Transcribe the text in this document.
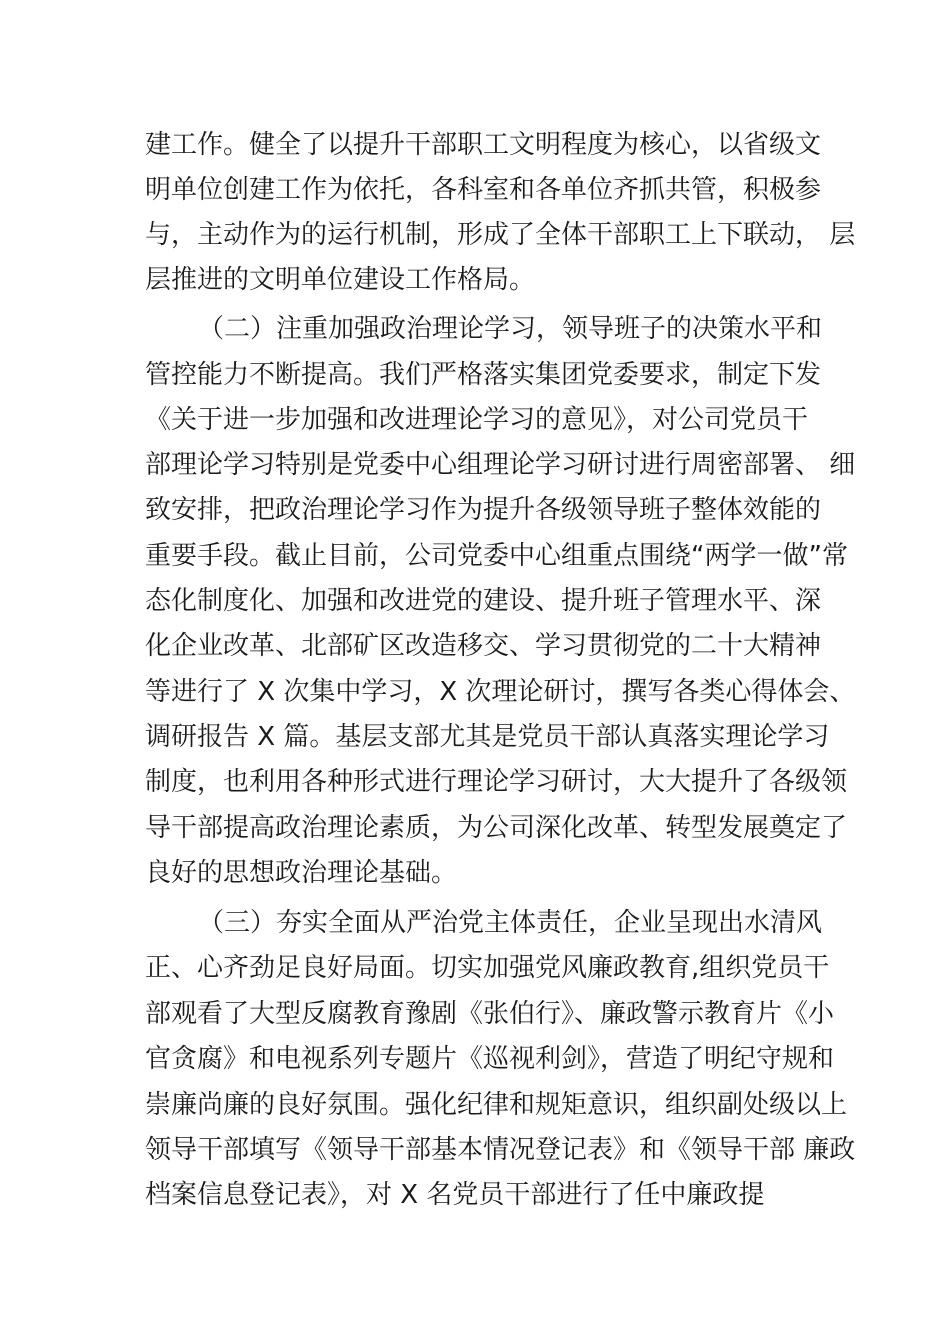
建工作。健全了以提升干部职工文明程度为核心，以省级文
明单位创建工作为依托，各科室和各单位齐抓共管，积极参
与，主动作为的运行机制，形成了全体干部职工上下联动， 层
层推进的文明单位建设工作格局。
（二）注重加强政治理论学习，领导班子的决策水平和
管控能力不断提高。我们严格落实集团党委要求，制定下发
《关于进一步加强和改进理论学习的意见》，对公司党员干
部理论学习特别是党委中心组理论学习研讨进行周密部署、 细
致安排，把政治理论学习作为提升各级领导班子整体效能的
重要手段。截止目前，公司党委中心组重点围绕“两学一做”常
态化制度化、加强和改进党的建设、提升班子管理水平、深
化企业改革、北部矿区改造移交、学习贯彻党的二十大精神
等进行了 X 次集中学习，X 次理论研讨，撰写各类心得体会、
调研报告 X 篇。基层支部尤其是党员干部认真落实理论学习
制度，也利用各种形式进行理论学习研讨，大大提升了各级领
导干部提高政治理论素质，为公司深化改革、转型发展奠定了
良好的思想政治理论基础。
（三）夯实全面从严治党主体责任，企业呈现出水清风
正、心齐劲足良好局面。切实加强党风廉政教育,组织党员干
部观看了大型反腐教育豫剧《张伯行》、廉政警示教育片《小
官贪腐》和电视系列专题片《巡视利剑》，营造了明纪守规和
崇廉尚廉的良好氛围。强化纪律和规矩意识，组织副处级以上
领导干部填写《领导干部基本情况登记表》和《领导干部 廉政
档案信息登记表》，对 X 名党员干部进行了任中廉政提
